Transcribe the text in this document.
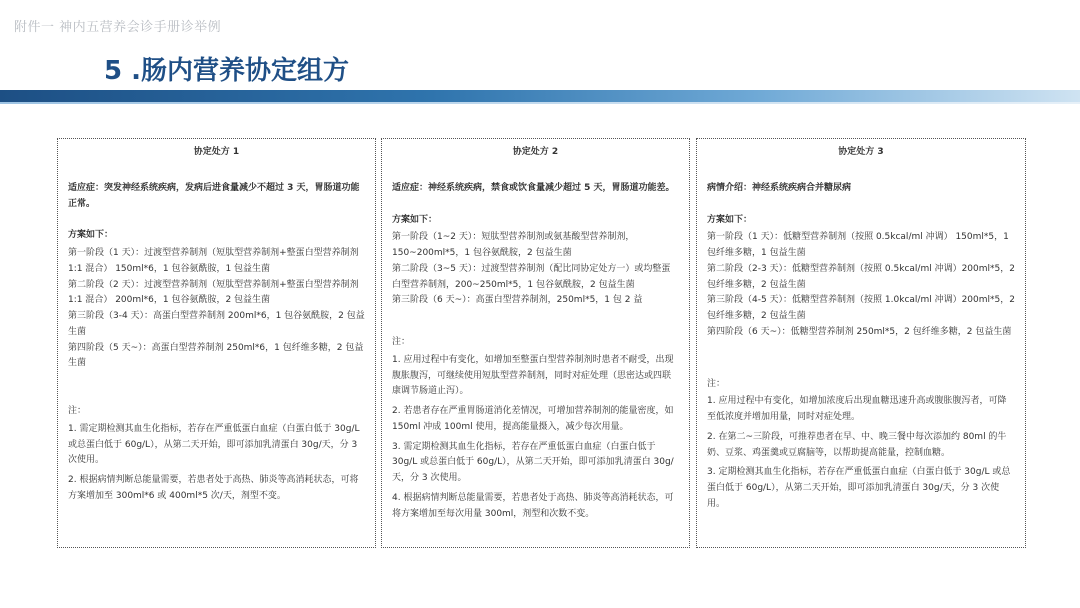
附件一 神内五营养会诊手册诊举例
5 .肠内营养协定组方
协定处方 1
适应症：突发神经系统疾病，发病后进食量减少不超过 3 天，胃肠道功能正常。
方案如下：

第一阶段（1 天）：过渡型营养制剂（短肽型营养制剂+整蛋白型营养制剂 1:1 混合） 150ml*6，1 包谷氨酰胺，1 包益生菌

第二阶段（2 天）：过渡型营养制剂（短肽型营养制剂+整蛋白型营养制剂 1:1 混合） 200ml*6，1 包谷氨酰胺，2 包益生菌

第三阶段（3-4 天）：高蛋白型营养制剂 200ml*6，1 包谷氨酰胺，2 包益生菌

第四阶段（5 天~）：高蛋白型营养制剂 250ml*6，1 包纤维多糖，2 包益生菌

注：

1. 需定期检测其血生化指标，若存在严重低蛋白血症（白蛋白低于 30g/L 或总蛋白低于 60g/L），从第二天开始，即可添加乳清蛋白 30g/天，分 3 次使用。

2. 根据病情判断总能量需要，若患者处于高热、肺炎等高消耗状态，可将方案增加至 300ml*6 或 400ml*5 次/天，剂型不变。

协定处方 2
适应症：神经系统疾病，禁食或饮食量减少超过 5 天，胃肠道功能差。
方案如下：

第一阶段（1~2 天）：短肽型营养制剂或氨基酸型营养制剂，150~200ml*5，1 包谷氨酰胺，2 包益生菌

第二阶段（3~5 天）：过渡型营养制剂（配比同协定处方一）或均整蛋白型营养制剂，200~250ml*5，1 包谷氨酰胺，2 包益生菌

第三阶段（6 天~）：高蛋白型营养制剂，250ml*5，1 包 2 益

注：

1. 应用过程中有变化，如增加至整蛋白型营养制剂时患者不耐受，出现腹胀腹泻，可继续使用短肽型营养制剂，同时对症处理（思密达或四联康调节肠道止泻）。

2. 若患者存在严重胃肠道消化差情况，可增加营养制剂的能量密度，如 150ml 冲成 100ml 使用，提高能量摄入，减少每次用量。

3. 需定期检测其血生化指标，若存在严重低蛋白血症（白蛋白低于 30g/L 或总蛋白低于 60g/L），从第二天开始，即可添加乳清蛋白 30g/天，分 3 次使用。

4. 根据病情判断总能量需要，若患者处于高热、肺炎等高消耗状态，可将方案增加至每次用量 300ml，剂型和次数不变。

协定处方 3
病情介绍：神经系统疾病合并糖尿病
方案如下：

第一阶段（1 天）：低糖型营养制剂（按照 0.5kcal/ml 冲调） 150ml*5，1 包纤维多糖，1 包益生菌

第二阶段（2-3 天）：低糖型营养制剂（按照 0.5kcal/ml 冲调）200ml*5，2 包纤维多糖，2 包益生菌

第三阶段（4-5 天）：低糖型营养制剂（按照 1.0kcal/ml 冲调）200ml*5，2 包纤维多糖，2 包益生菌

第四阶段（6 天~）：低糖型营养制剂 250ml*5，2 包纤维多糖，2 包益生菌

注：

1. 应用过程中有变化，如增加浓度后出现血糖迅速升高或腹胀腹泻者，可降至低浓度并增加用量，同时对症处理。

2. 在第二~三阶段，可推荐患者在早、中、晚三餐中每次添加约 80ml 的牛奶、豆浆、鸡蛋羹或豆腐脑等，以帮助提高能量，控制血糖。

3. 定期检测其血生化指标，若存在严重低蛋白血症（白蛋白低于 30g/L 或总蛋白低于 60g/L），从第二天开始，即可添加乳清蛋白 30g/天，分 3 次使用。
